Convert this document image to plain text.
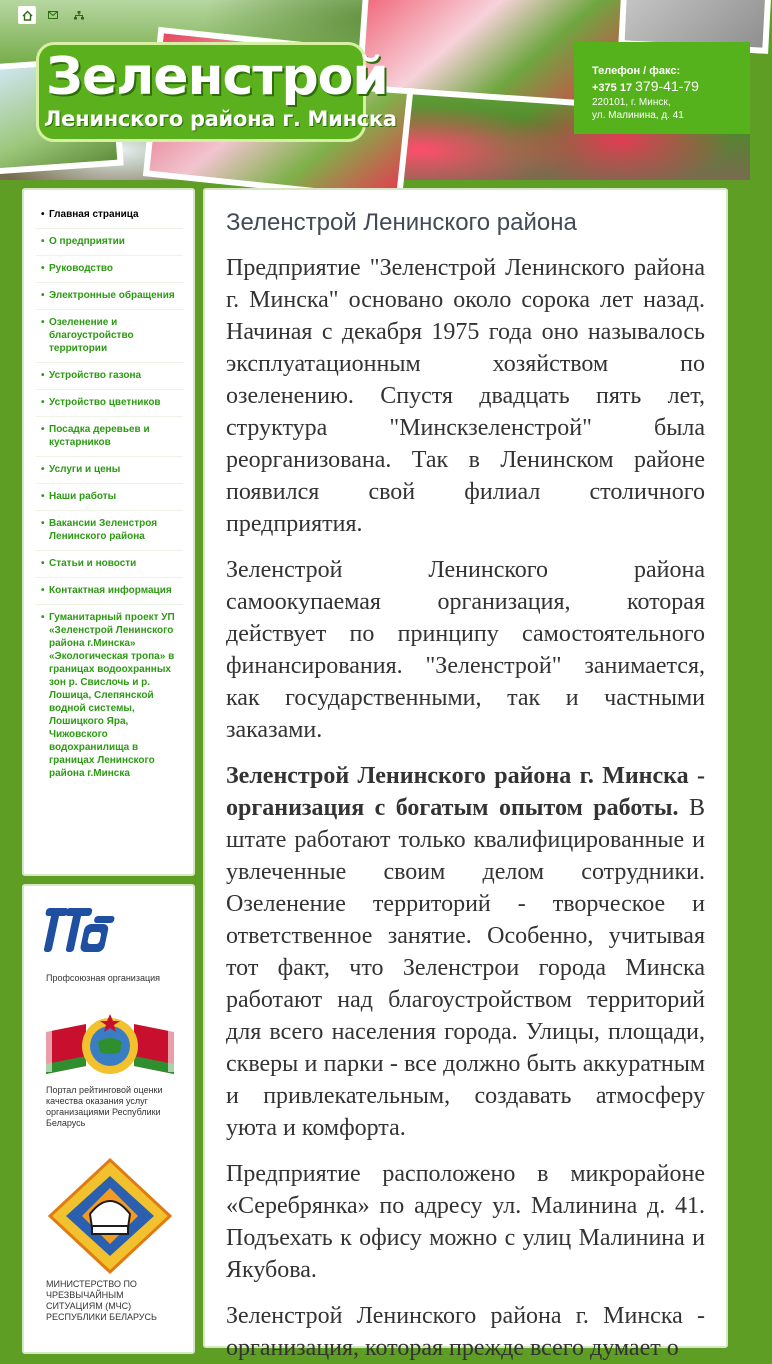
Зеленстрой
Ленинского района г. Минска
Телефон / факс:
+375 17 379-41-79
220101, г. Минск,
ул. Малинина, д. 41
• Главная страница
• О предприятии
• Руководство
• Электронные обращения
• Озеленение и благоустройство территории
• Устройство газона
• Устройство цветников
• Посадка деревьев и кустарников
• Услуги и цены
• Наши работы
• Вакансии Зеленстроя Ленинского района
• Статьи и новости
• Контактная информация
• Гуманитарный проект УП «Зеленстрой Ленинского района г.Минска» «Экологическая тропа» в границах водоохранных зон р. Свислочь и р. Лошица, Слепянской водной системы, Лошицкого Яра, Чижовского водохранилища в границах Ленинского района г.Минска
Профсоюзная организация
Портал рейтинговой оценки качества оказания услуг организациями Республики Беларусь
МИНИСТЕРСТВО ПО ЧРЕЗВЫЧАЙНЫМ СИТУАЦИЯМ (МЧС) РЕСПУБЛИКИ БЕЛАРУСЬ
Зеленстрой Ленинского района

Предприятие "Зеленстрой Ленинского района г. Минска" основано около сорока лет назад. Начиная с декабря 1975 года оно называлось эксплуатационным хозяйством по озеленению. Спустя двадцать пять лет, структура "Минскзеленстрой" была реорганизована. Так в Ленинском районе появился свой филиал столичного предприятия.

Зеленстрой Ленинского района самоокупаемая организация, которая действует по принципу самостоятельного финансирования. "Зеленстрой" занимается, как государственными, так и частными заказами.

Зеленстрой Ленинского района г. Минска - организация с богатым опытом работы. В штате работают только квалифицированные и увлеченные своим делом сотрудники. Озеленение территорий - творческое и ответственное занятие. Особенно, учитывая тот факт, что Зеленстрои города Минска работают над благоустройством территорий для всего населения города. Улицы, площади, скверы и парки - все должно быть аккуратным и привлекательным, создавать атмосферу уюта и комфорта.

Предприятие расположено в микрорайоне «Серебрянка» по адресу ул. Малинина д. 41. Подъехать к офису можно с улиц Малинина и Якубова.

Зеленстрой Ленинского района г. Минска - организация, которая прежде всего думает о
